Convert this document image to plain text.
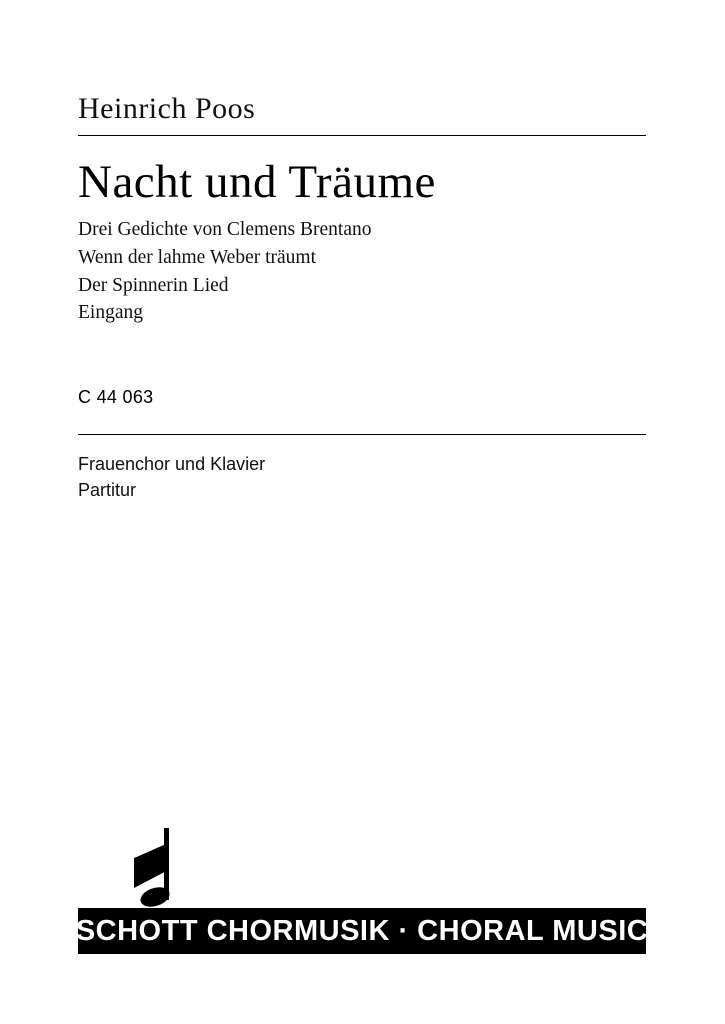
Heinrich Poos
Nacht und Träume
Drei Gedichte von Clemens Brentano
Wenn der lahme Weber träumt
Der Spinnerin Lied
Eingang
C 44 063
Frauenchor und Klavier
Partitur
SCHOTT CHORMUSIK · CHORAL MUSIC
